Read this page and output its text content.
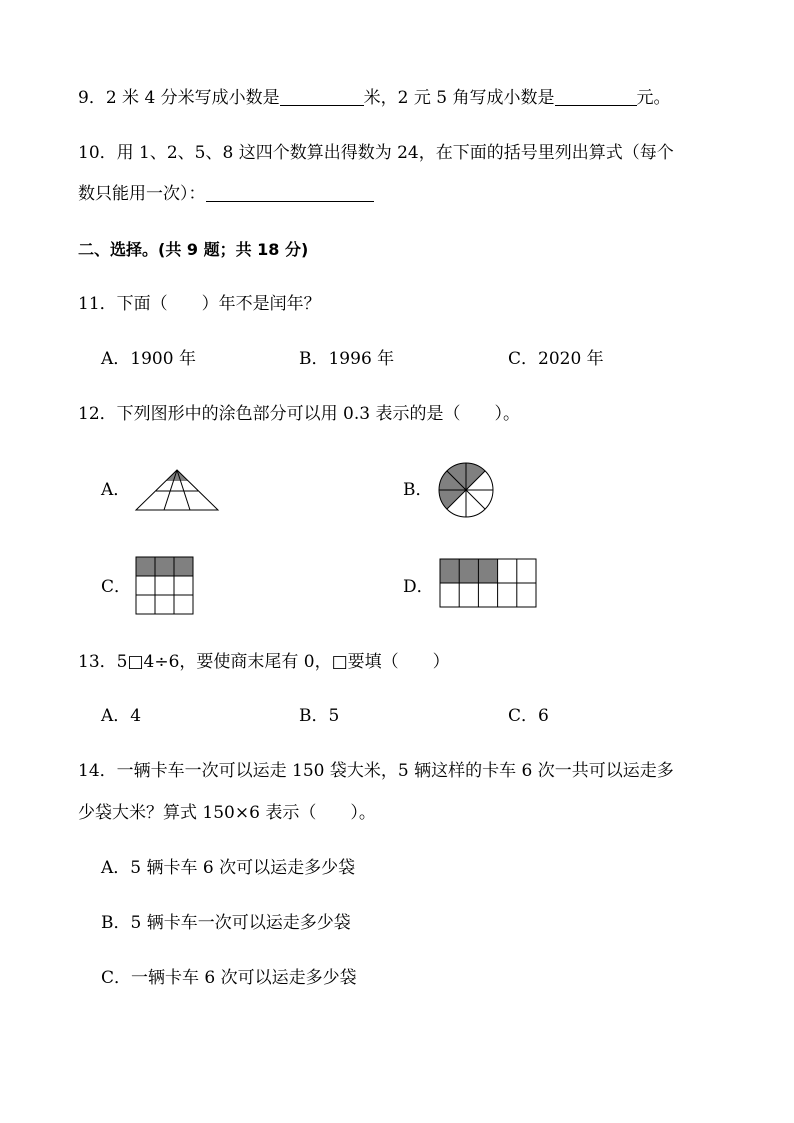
9．2 米 4 分米写成小数是	米，2 元 5 角写成小数是	元。
10．用 1、2、5、8 这四个数算出得数为 24，在下面的括号里列出算式（每个
数只能用一次）：
二、选择。(共 9 题；共 18 分)
11．下面（　　）年不是闰年？
A．1900 年	B．1996 年	C．2020 年
12．下列图形中的涂色部分可以用 0.3 表示的是（　　）。
A．	B．
C．	D．
13．5□4÷6，要使商末尾有 0，□要填（　　）
A．4	B．5	C．6
14．一辆卡车一次可以运走 150 袋大米，5 辆这样的卡车 6 次一共可以运走多
少袋大米？算式 150×6 表示（　　）。
A．5 辆卡车 6 次可以运走多少袋
B．5 辆卡车一次可以运走多少袋
C．一辆卡车 6 次可以运走多少袋
